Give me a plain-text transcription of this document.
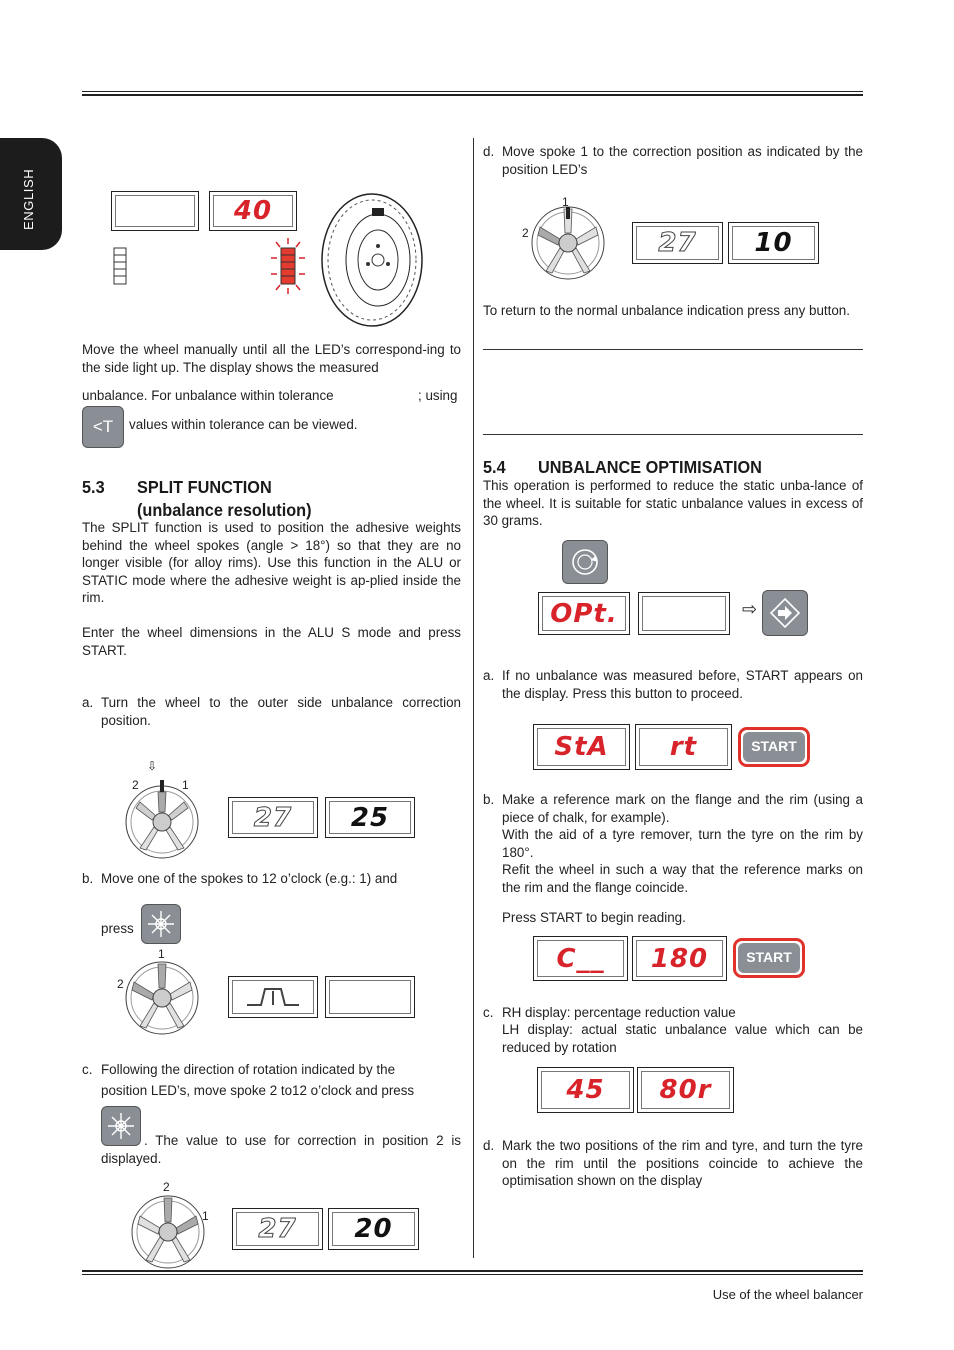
ENGLISH	40

Move the wheel manually until all the LED’s correspond-ing to the side light up. The display shows the measured

unbalance. For unbalance within tolerance	; using

<T values within tolerance can be viewed.

5.3 SPLIT FUNCTION
(unbalance resolution)

The SPLIT function is used to position the adhesive weights behind the wheel spokes (angle > 18°) so that they are no longer visible (for alloy rims). Use this function in the ALU or STATIC mode where the adhesive weight is ap-plied inside the rim.

Enter the wheel dimensions in the ALU S mode and press START.

a. Turn the wheel to the outer side unbalance correction position.
⇩
2	1
27 25
b. Move one of the spokes to 12 o’clock (e.g.: 1) and
press
1
2
c. Following the direction of rotation indicated by the

position LED’s, move spoke 2 to12 o’clock and press

. The value to use for correction in position 2 is displayed.

2
1 27 20
d. Move spoke 1 to the correction position as indicated by the position LED’s
1
2	27 10

To return to the normal unbalance indication press any button.

5.4 UNBALANCE OPTIMISATION

This operation is performed to reduce the static unba-lance of the wheel. It is suitable for static unbalance values in excess of 30 grams.

OPt.	⇨
a. If no unbalance was measured before, START appears on the display. Press this button to proceed.
StA rt	START
b. Make a reference mark on the flange and the rim (using a piece of chalk, for example).

With the aid of a tyre remover, turn the tyre on the rim by 180°.

Refit the wheel in such a way that the reference marks on the rim and the flange coincide.

Press START to begin reading.

C__ 180	START
c. RH display: percentage reduction value

LH display: actual static unbalance value which can be reduced by rotation

45 80r
d. Mark the two positions of the rim and tyre, and turn the tyre on the rim until the positions coincide to achieve the optimisation shown on the display
Use of the wheel balancer
